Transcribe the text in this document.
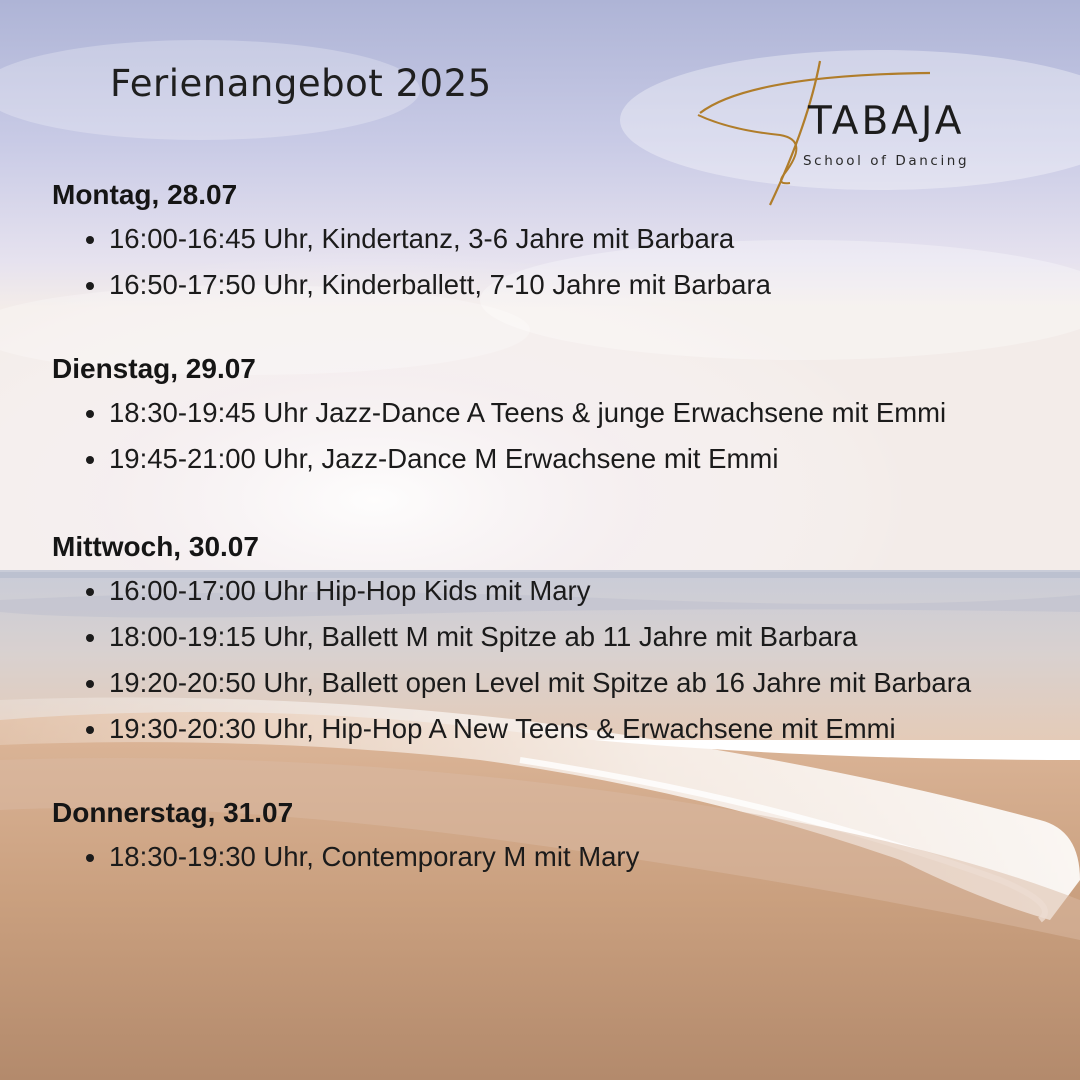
Ferienangebot 2025
TABAJA
School of Dancing
Montag, 28.07
16:00-16:45 Uhr, Kindertanz, 3-6 Jahre mit Barbara
16:50-17:50 Uhr, Kinderballett, 7-10 Jahre mit Barbara
Dienstag, 29.07
18:30-19:45 Uhr Jazz-Dance A Teens & junge Erwachsene mit Emmi
19:45-21:00 Uhr, Jazz-Dance M Erwachsene mit Emmi
Mittwoch, 30.07
16:00-17:00 Uhr Hip-Hop Kids mit Mary
18:00-19:15 Uhr, Ballett M mit Spitze ab 11 Jahre mit Barbara
19:20-20:50 Uhr, Ballett open Level mit Spitze ab 16 Jahre mit Barbara
19:30-20:30 Uhr, Hip-Hop A New Teens & Erwachsene mit Emmi
Donnerstag, 31.07
18:30-19:30 Uhr, Contemporary M mit Mary
